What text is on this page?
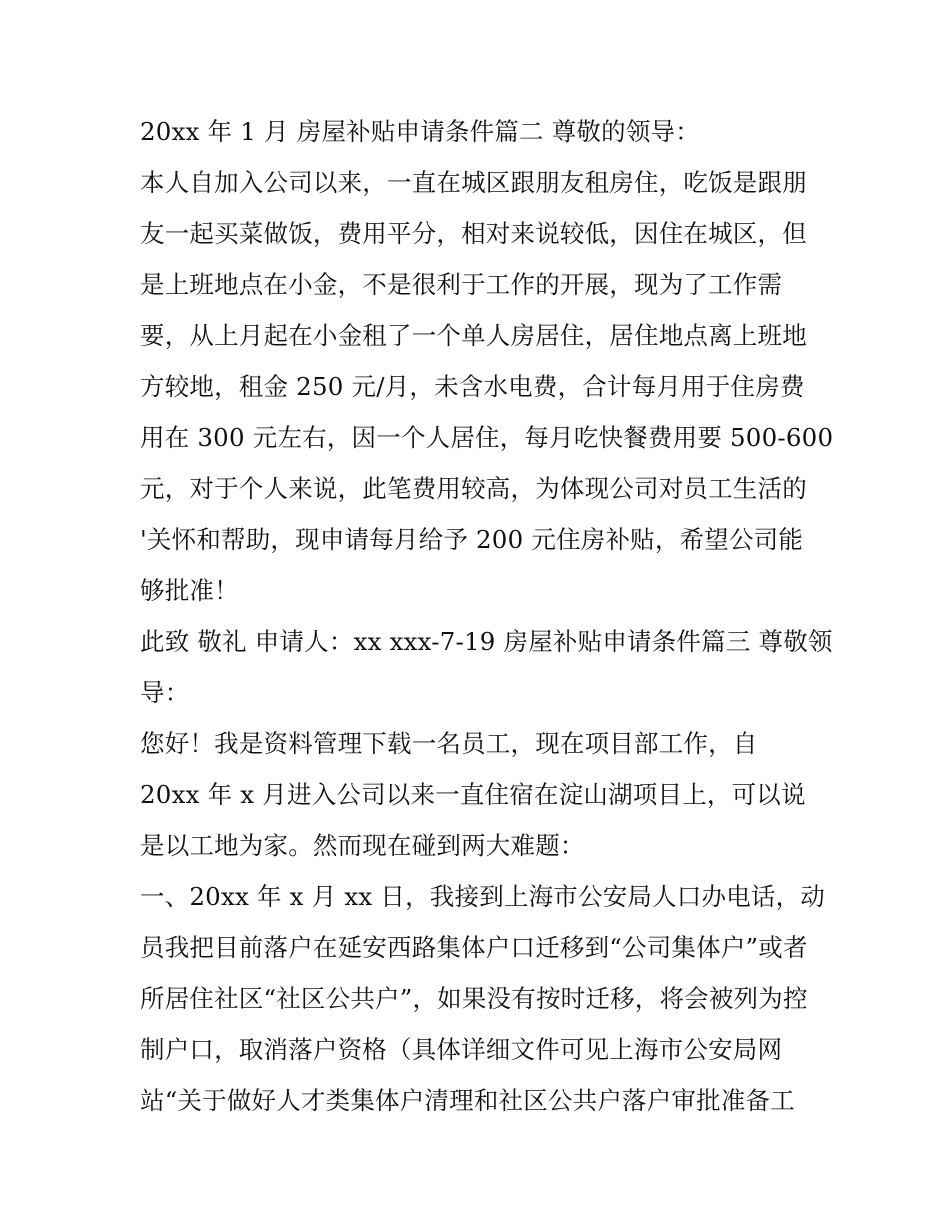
20xx 年 1 月 房屋补贴申请条件篇二 尊敬的领导：
本人自加入公司以来，一直在城区跟朋友租房住，吃饭是跟朋
友一起买菜做饭，费用平分，相对来说较低，因住在城区，但
是上班地点在小金，不是很利于工作的开展，现为了工作需
要，从上月起在小金租了一个单人房居住，居住地点离上班地
方较地，租金 250 元/月，未含水电费，合计每月用于住房费
用在 300 元左右，因一个人居住，每月吃快餐费用要 500-600
元，对于个人来说，此笔费用较高，为体现公司对员工生活的
'关怀和帮助，现申请每月给予 200 元住房补贴，希望公司能
够批准！
此致 敬礼 申请人：xx xxx-7-19 房屋补贴申请条件篇三 尊敬领
导：
您好！我是资料管理下载一名员工，现在项目部工作，自
20xx 年 x 月进入公司以来一直住宿在淀山湖项目上，可以说
是以工地为家。然而现在碰到两大难题：
一、20xx 年 x 月 xx 日，我接到上海市公安局人口办电话，动
员我把目前落户在延安西路集体户口迁移到“公司集体户”或者
所居住社区“社区公共户”，如果没有按时迁移，将会被列为控
制户口，取消落户资格（具体详细文件可见上海市公安局网
站“关于做好人才类集体户清理和社区公共户落户审批准备工
